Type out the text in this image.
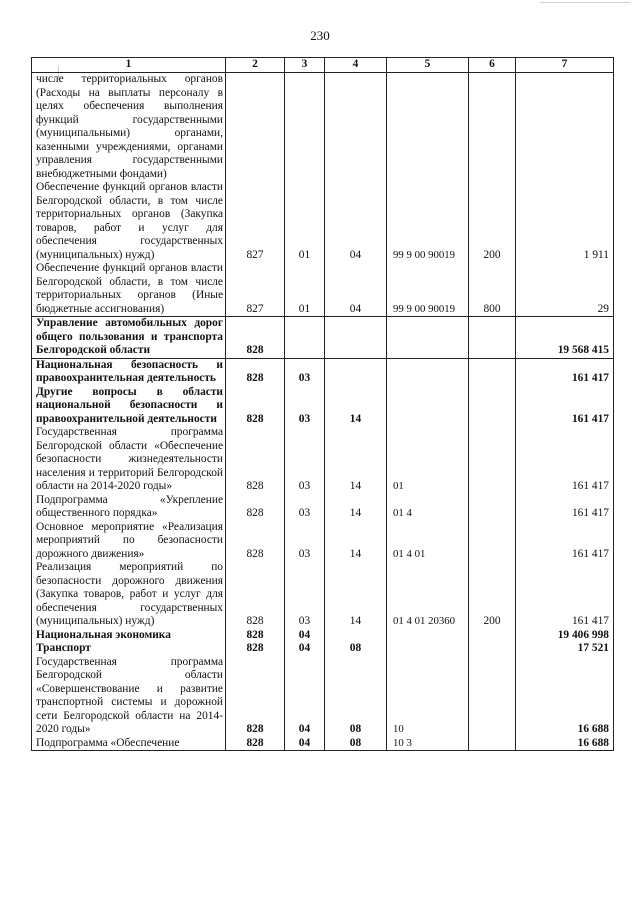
230
1	2	3	4	5	6	7
числе территориальных органов (Расходы на выплаты персоналу в целях обеспечения выполнения функций государственными (муниципальными) органами, казенными учреждениями, органами управления государственными внебюджетными фондами)						
Обеспечение функций органов власти Белгородской области, в том числе территориальных органов (Закупка товаров, работ и услуг для обеспечения государственных (муниципальных) нужд)	827	01	04	99 9 00 90019	200	1 911
Обеспечение функций органов власти Белгородской области, в том числе территориальных органов (Иные бюджетные ассигнования)	827	01	04	99 9 00 90019	800	29
Управление автомобильных дорог общего пользования и транспорта Белгородской области	828					19 568 415
Национальная безопасность и правоохранительная деятельность	828	03				161 417
Другие вопросы в области национальной безопасности и правоохранительной деятельности	828	03	14			161 417
Государственная программа Белгородской области «Обеспечение безопасности жизнедеятельности населения и территорий Белгородской области на 2014-2020 годы»	828	03	14	01		161 417
Подпрограмма «Укрепление общественного порядка»	828	03	14	01 4		161 417
Основное мероприятие «Реализация мероприятий по безопасности дорожного движения»	828	03	14	01 4 01		161 417
Реализация мероприятий по безопасности дорожного движения (Закупка товаров, работ и услуг для обеспечения государственных (муниципальных) нужд)	828	03	14	01 4 01 20360	200	161 417
Национальная экономика	828	04				19 406 998
Транспорт	828	04	08			17 521
Государственная программа Белгородской области «Совершенствование и развитие транспортной системы и дорожной сети Белгородской области на 2014-2020 годы»	828	04	08	10		16 688
Подпрограмма «Обеспечение	828	04	08	10 3		16 688
